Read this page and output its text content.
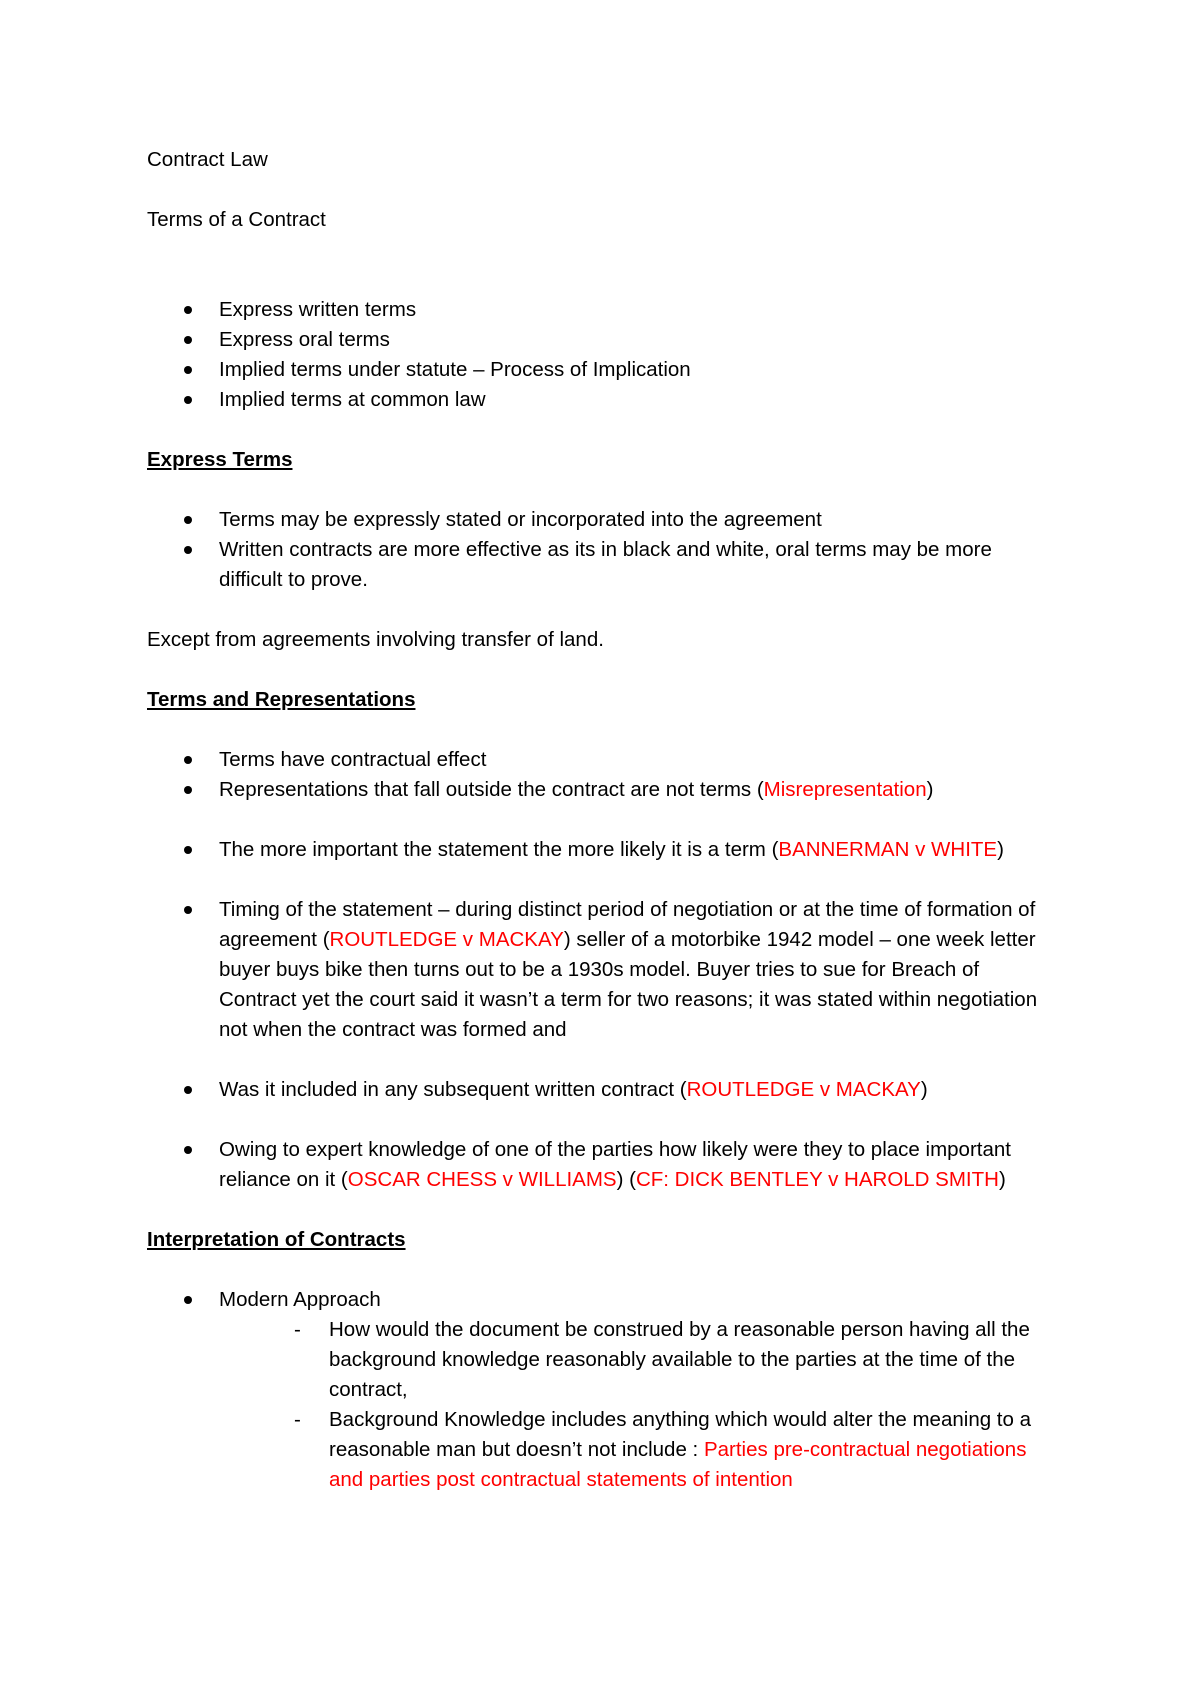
Contract Law

Terms of a Contract

Express written terms
Express oral terms
Implied terms under statute – Process of Implication
Implied terms at common law

Express Terms

Terms may be expressly stated or incorporated into the agreement
Written contracts are more effective as its in black and white, oral terms may be more difficult to prove.

Except from agreements involving transfer of land.

Terms and Representations

Terms have contractual effect
Representations that fall outside the contract are not terms (Misrepresentation)
The more important the statement the more likely it is a term (BANNERMAN v WHITE)
Timing of the statement – during distinct period of negotiation or at the time of formation of agreement (ROUTLEDGE v MACKAY) seller of a motorbike 1942 model – one week letter buyer buys bike then turns out to be a 1930s model. Buyer tries to sue for Breach of Contract yet the court said it wasn’t a term for two reasons; it was stated within negotiation not when the contract was formed and
Was it included in any subsequent written contract (ROUTLEDGE v MACKAY)
Owing to expert knowledge of one of the parties how likely were they to place important reliance on it (OSCAR CHESS v WILLIAMS) (CF: DICK BENTLEY v HAROLD SMITH)

Interpretation of Contracts

Modern Approach
- How would the document be construed by a reasonable person having all the background knowledge reasonably available to the parties at the time of the contract,
- Background Knowledge includes anything which would alter the meaning to a reasonable man but doesn’t not include : Parties pre-contractual negotiations and parties post contractual statements of intention
